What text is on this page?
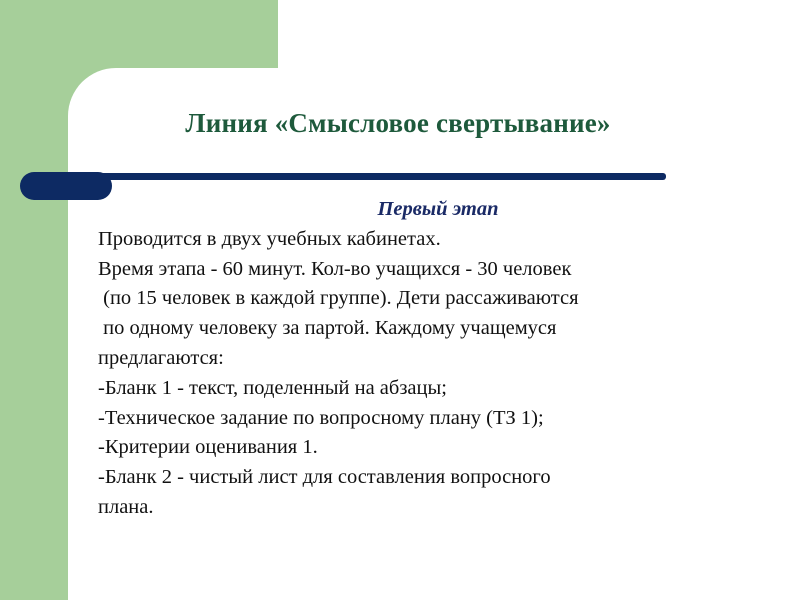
Линия «Смысловое свертывание»
Первый этап
Проводится в двух учебных кабинетах.
Время этапа - 60 минут. Кол-во учащихся - 30 человек
(по 15 человек в каждой группе). Дети рассаживаются
по одному человеку за партой. Каждому учащемуся
предлагаются:
-Бланк 1 - текст, поделенный на абзацы;
-Техническое задание по вопросному плану (ТЗ 1);
-Критерии оценивания 1.
-Бланк 2 - чистый лист для составления вопросного
плана.
